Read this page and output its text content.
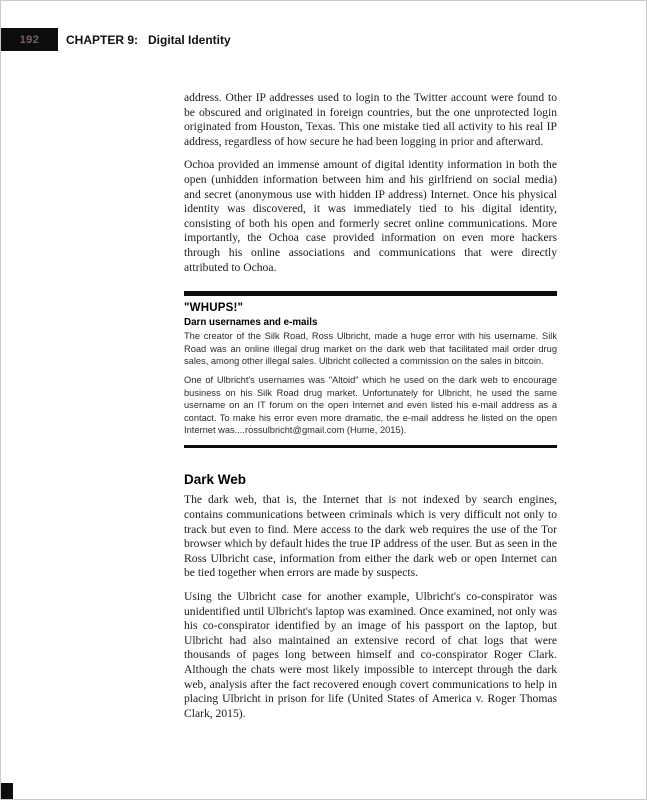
192 CHAPTER 9: Digital Identity

address. Other IP addresses used to login to the Twitter account were found to be obscured and originated in foreign countries, but the one unprotected login originated from Houston, Texas. This one mistake tied all activity to his real IP address, regardless of how secure he had been logging in prior and afterward.

Ochoa provided an immense amount of digital identity information in both the open (unhidden information between him and his girlfriend on social media) and secret (anonymous use with hidden IP address) Internet. Once his physical identity was discovered, it was immediately tied to his digital identity, consisting of both his open and formerly secret online communications. More importantly, the Ochoa case provided information on even more hackers through his online associations and communications that were directly attributed to Ochoa.

"WHUPS!"
Darn usernames and e-mails

The creator of the Silk Road, Ross Ulbricht, made a huge error with his username. Silk Road was an online illegal drug market on the dark web that facilitated mail order drug sales, among other illegal sales. Ulbricht collected a commission on the sales in bitcoin.

One of Ulbricht's usernames was "Altoid" which he used on the dark web to encourage business on his Silk Road drug market. Unfortunately for Ulbricht, he used the same username on an IT forum on the open Internet and even listed his e-mail address as a contact. To make his error even more dramatic, the e-mail address he listed on the open Internet was....rossulbricht@gmail.com (Hume, 2015).

Dark Web

The dark web, that is, the Internet that is not indexed by search engines, contains communications between criminals which is very difficult not only to track but even to find. Mere access to the dark web requires the use of the Tor browser which by default hides the true IP address of the user. But as seen in the Ross Ulbricht case, information from either the dark web or open Internet can be tied together when errors are made by suspects.

Using the Ulbricht case for another example, Ulbricht's co-conspirator was unidentified until Ulbricht's laptop was examined. Once examined, not only was his co-conspirator identified by an image of his passport on the laptop, but Ulbricht had also maintained an extensive record of chat logs that were thousands of pages long between himself and co-conspirator Roger Clark. Although the chats were most likely impossible to intercept through the dark web, analysis after the fact recovered enough covert communications to help in placing Ulbricht in prison for life (United States of America v. Roger Thomas Clark, 2015).
